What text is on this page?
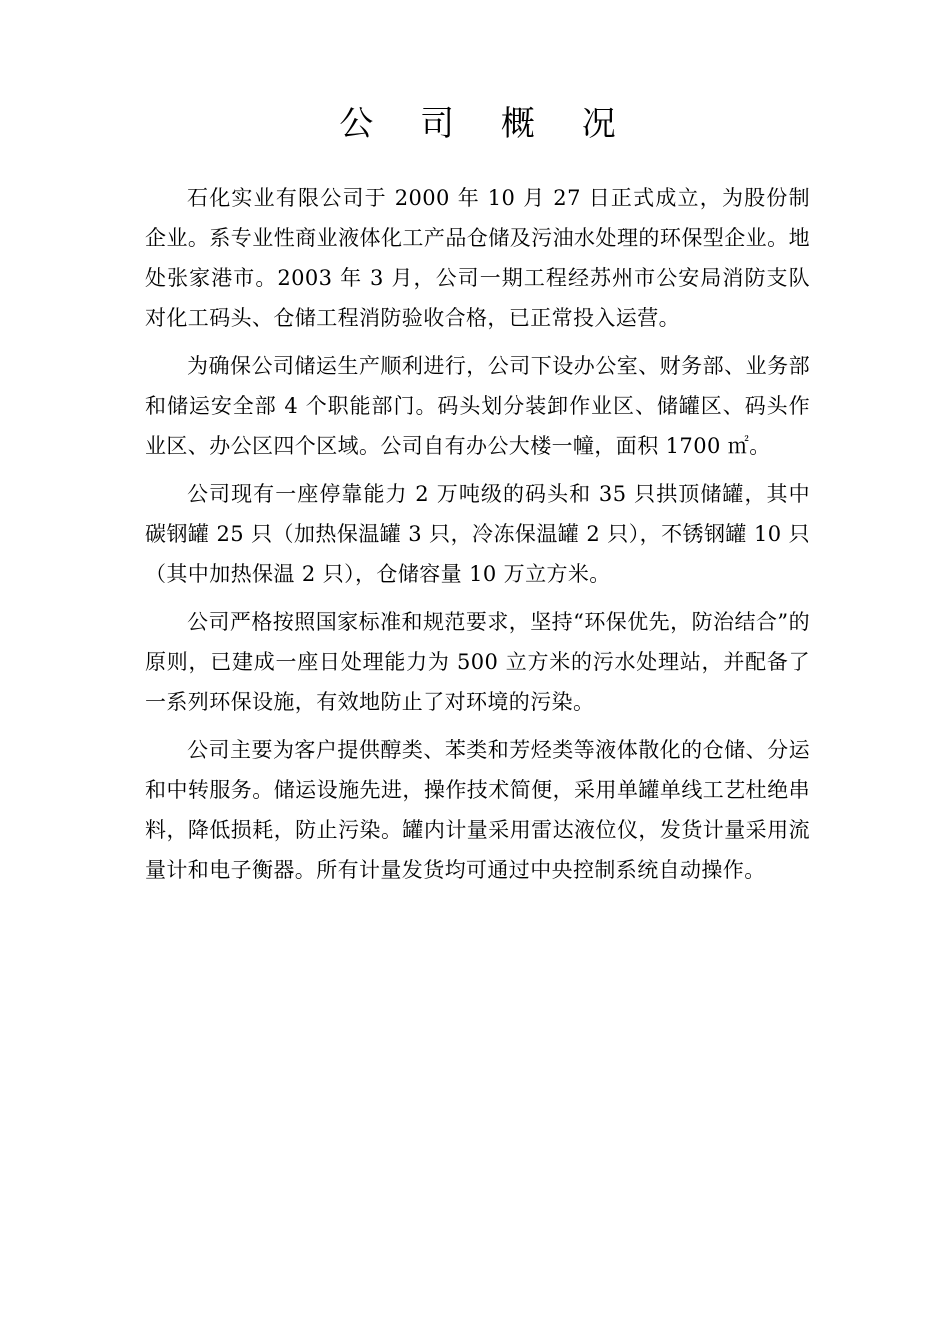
公 司 概 况

石化实业有限公司于 2000 年 10 月 27 日正式成立，为股份制企业。系专业性商业液体化工产品仓储及污油水处理的环保型企业。地处张家港市。2003 年 3 月，公司一期工程经苏州市公安局消防支队对化工码头、仓储工程消防验收合格，已正常投入运营。

为确保公司储运生产顺利进行，公司下设办公室、财务部、业务部和储运安全部 4 个职能部门。码头划分装卸作业区、储罐区、码头作业区、办公区四个区域。公司自有办公大楼一幢，面积 1700 ㎡。

公司现有一座停靠能力 2 万吨级的码头和 35 只拱顶储罐，其中碳钢罐 25 只（加热保温罐 3 只，冷冻保温罐 2 只），不锈钢罐 10 只（其中加热保温 2 只），仓储容量 10 万立方米。

公司严格按照国家标准和规范要求，坚持“环保优先，防治结合”的原则，已建成一座日处理能力为 500 立方米的污水处理站，并配备了一系列环保设施，有效地防止了对环境的污染。

公司主要为客户提供醇类、苯类和芳烃类等液体散化的仓储、分运和中转服务。储运设施先进，操作技术简便，采用单罐单线工艺杜绝串料，降低损耗，防止污染。罐内计量采用雷达液位仪，发货计量采用流量计和电子衡器。所有计量发货均可通过中央控制系统自动操作。
